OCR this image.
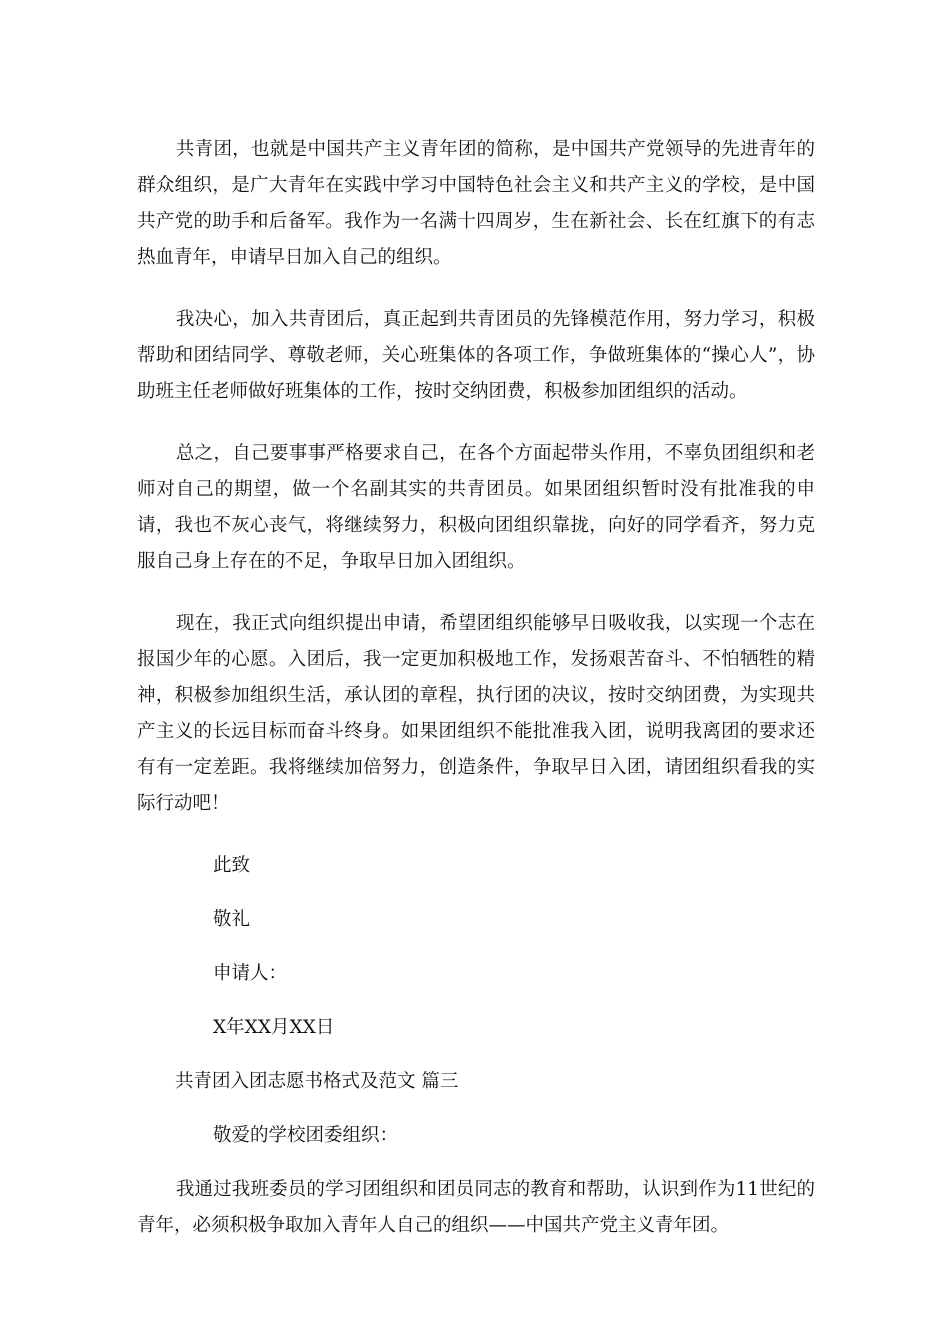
共青团，也就是中国共产主义青年团的简称，是中国共产党领导的先进青年的群众组织，是广大青年在实践中学习中国特色社会主义和共产主义的学校，是中国共产党的助手和后备军。我作为一名满十四周岁，生在新社会、长在红旗下的有志热血青年，申请早日加入自己的组织。

我决心，加入共青团后，真正起到共青团员的先锋模范作用，努力学习，积极帮助和团结同学、尊敬老师，关心班集体的各项工作，争做班集体的“操心人”，协助班主任老师做好班集体的工作，按时交纳团费，积极参加团组织的活动。

总之，自己要事事严格要求自己，在各个方面起带头作用，不辜负团组织和老师对自己的期望，做一个名副其实的共青团员。如果团组织暂时没有批准我的申请，我也不灰心丧气，将继续努力，积极向团组织靠拢，向好的同学看齐，努力克服自己身上存在的不足，争取早日加入团组织。

现在，我正式向组织提出申请，希望团组织能够早日吸收我，以实现一个志在报国少年的心愿。入团后，我一定更加积极地工作，发扬艰苦奋斗、不怕牺牲的精神，积极参加组织生活，承认团的章程，执行团的决议，按时交纳团费，为实现共产主义的长远目标而奋斗终身。如果团组织不能批准我入团，说明我离团的要求还有有一定差距。我将继续加倍努力，创造条件，争取早日入团，请团组织看我的实际行动吧！

此致

敬礼

申请人：

X年XX月XX日

共青团入团志愿书格式及范文 篇三

敬爱的学校团委组织：

我通过我班委员的学习团组织和团员同志的教育和帮助，认识到作为11世纪的青年，必须积极争取加入青年人自己的组织——中国共产党主义青年团。
